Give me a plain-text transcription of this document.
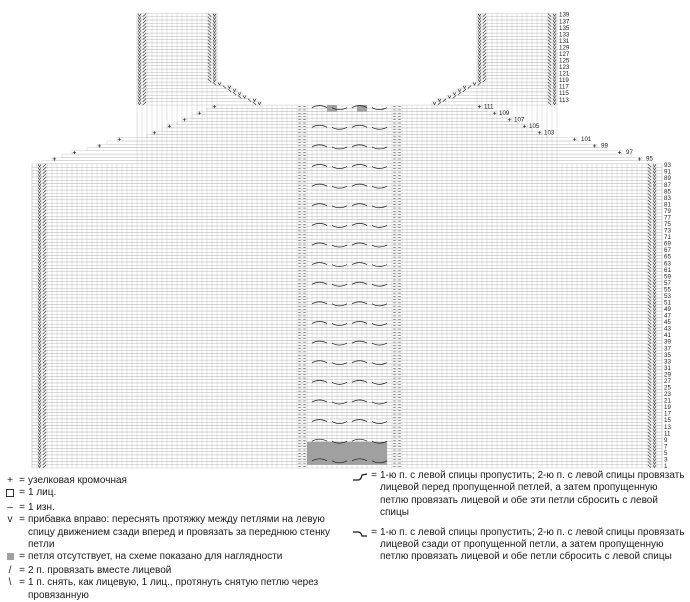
1
3
5
7
9
11
13
15
17
19
21
23
25
27
29
31
33
35
37
39
41
43
45
47
49
51
53
55
57
59
61
63
65
67
69
71
73
75
77
79
81
83
85
87
89
91
93
95
97
99
101
103
105
107
109
111
113
115
117
119
121
123
125
127
129
131
133
135
137
139
+ = узелковая кромочная
= 1 лиц.
– = 1 изн.
v = прибавка вправо: переснять протяжку между петлями на левую спицу движением сзади вперед и провязать за переднюю стенку петли
= петля отсутствует, на схеме показано для наглядности
/ = 2 п. провязать вместе лицевой
\ = 1 п. снять, как лицевую, 1 лиц., протянуть снятую петлю через провязанную
= 1-ю п. с левой спицы пропустить; 2-ю п. с левой спицы провязать лицевой перед пропущенной петлей, а затем пропущенную петлю провязать лицевой и обе эти петли сбросить с левой спицы
= 1-ю п. с левой спицы пропустить; 2-ю п. с левой спицы провязать лицевой сзади от пропущенной петли, а затем пропущенную петлю провязать лицевой и обе петли сбросить с левой спицы
